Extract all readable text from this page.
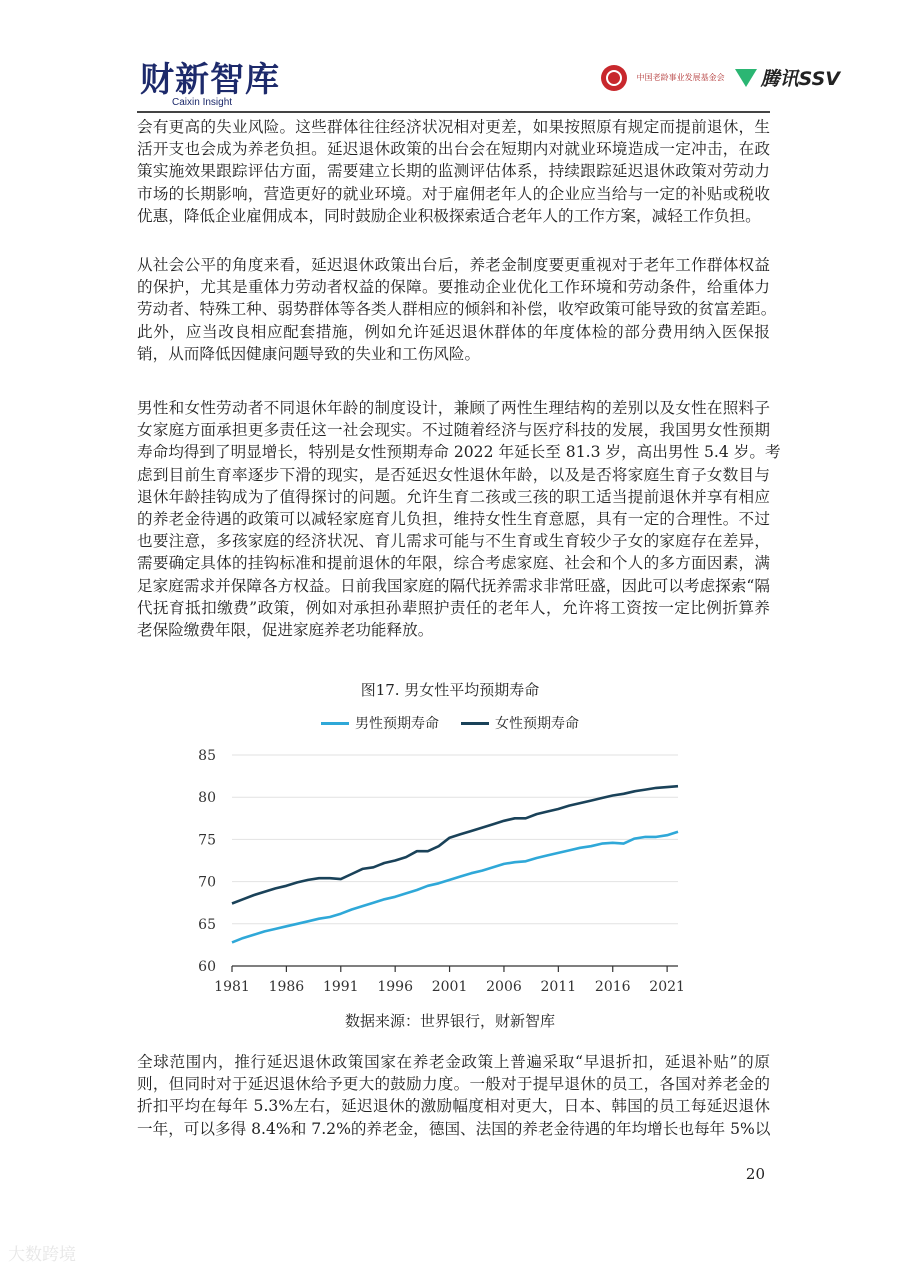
财新智库
Caixin Insight
中国老龄事业发展基金会 腾讯SSV
会有更高的失业风险。这些群体往往经济状况相对更差，如果按照原有规定而提前退休，生
活开支也会成为养老负担。延迟退休政策的出台会在短期内对就业环境造成一定冲击，在政
策实施效果跟踪评估方面，需要建立长期的监测评估体系，持续跟踪延迟退休政策对劳动力
市场的长期影响，营造更好的就业环境。对于雇佣老年人的企业应当给与一定的补贴或税收
优惠，降低企业雇佣成本，同时鼓励企业积极探索适合老年人的工作方案，减轻工作负担。
从社会公平的角度来看，延迟退休政策出台后，养老金制度要更重视对于老年工作群体权益
的保护，尤其是重体力劳动者权益的保障。要推动企业优化工作环境和劳动条件，给重体力
劳动者、特殊工种、弱势群体等各类人群相应的倾斜和补偿，收窄政策可能导致的贫富差距。
此外，应当改良相应配套措施，例如允许延迟退休群体的年度体检的部分费用纳入医保报
销，从而降低因健康问题导致的失业和工伤风险。
男性和女性劳动者不同退休年龄的制度设计，兼顾了两性生理结构的差别以及女性在照料子
女家庭方面承担更多责任这一社会现实。不过随着经济与医疗科技的发展，我国男女性预期
寿命均得到了明显增长，特别是女性预期寿命 2022 年延长至 81.3 岁，高出男性 5.4 岁。考
虑到目前生育率逐步下滑的现实，是否延迟女性退休年龄，以及是否将家庭生育子女数目与
退休年龄挂钩成为了值得探讨的问题。允许生育二孩或三孩的职工适当提前退休并享有相应
的养老金待遇的政策可以减轻家庭育儿负担，维持女性生育意愿，具有一定的合理性。不过
也要注意，多孩家庭的经济状况、育儿需求可能与不生育或生育较少子女的家庭存在差异，
需要确定具体的挂钩标准和提前退休的年限，综合考虑家庭、社会和个人的多方面因素，满
足家庭需求并保障各方权益。日前我国家庭的隔代抚养需求非常旺盛，因此可以考虑探索“隔
代抚育抵扣缴费”政策，例如对承担孙辈照护责任的老年人，允许将工资按一定比例折算养
老保险缴费年限，促进家庭养老功能释放。
图17. 男女性平均预期寿命
男性预期寿命	女性预期寿命
60
65
70
75
80
85
1981 1986 1991 1996 2001 2006 2011 2016 2021
数据来源：世界银行，财新智库
全球范围内，推行延迟退休政策国家在养老金政策上普遍采取“早退折扣，延退补贴”的原
则，但同时对于延迟退休给予更大的鼓励力度。一般对于提早退休的员工，各国对养老金的
折扣平均在每年 5.3%左右，延迟退休的激励幅度相对更大，日本、韩国的员工每延迟退休
一年，可以多得 8.4%和 7.2%的养老金，德国、法国的养老金待遇的年均增长也每年 5%以
20
大数跨境
